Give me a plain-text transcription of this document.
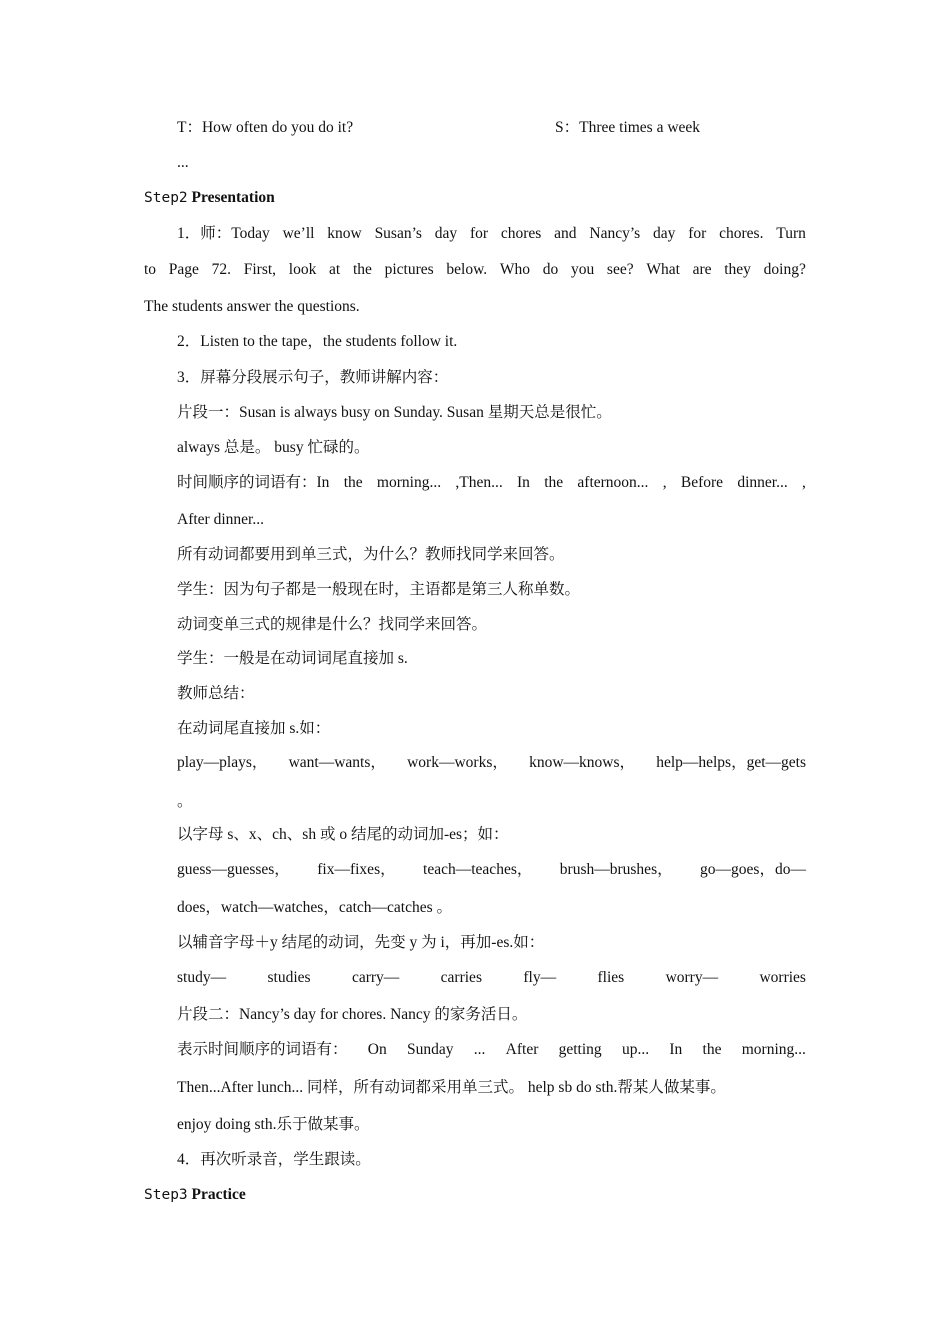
T：How often do you do it?	S：Three times a week
...
Step2 Presentation
1．师：Today we’ll know Susan’s day for chores and Nancy’s day for chores. Turn
to Page 72. First, look at the pictures below. Who do you see? What are they doing?
The students answer the questions.
2．Listen to the tape，the students follow it.
3．屏幕分段展示句子，教师讲解内容：
片段一：Susan is always busy on Sunday. Susan 星期天总是很忙。
always 总是。 busy 忙碌的。
时间顺序的词语有：In the morning... ,Then... In the afternoon... , Before dinner... ,
After dinner...
所有动词都要用到单三式，为什么？教师找同学来回答。
学生：因为句子都是一般现在时，主语都是第三人称单数。
动词变单三式的规律是什么？找同学来回答。
学生：一般是在动词词尾直接加 s.
教师总结：
在动词尾直接加 s.如：
play—plays， want—wants， work—works， know—knows， help—helps，get—gets
。
以字母 s、x、ch、sh 或 o 结尾的动词加-es；如：
guess—guesses， fix—fixes， teach—teaches， brush—brushes， go—goes，do—
does，watch—watches，catch—catches 。
以辅音字母＋y 结尾的动词，先变 y 为 i，再加-es.如：
study—	studies	carry—	carries	fly—	flies	worry—	worries
片段二：Nancy’s day for chores. Nancy 的家务活日。
表示时间顺序的词语有： On Sunday ... After getting up... In the morning...
Then...After lunch... 同样，所有动词都采用单三式。 help sb do sth.帮某人做某事。
enjoy doing sth.乐于做某事。
4．再次听录音，学生跟读。
Step3 Practice
